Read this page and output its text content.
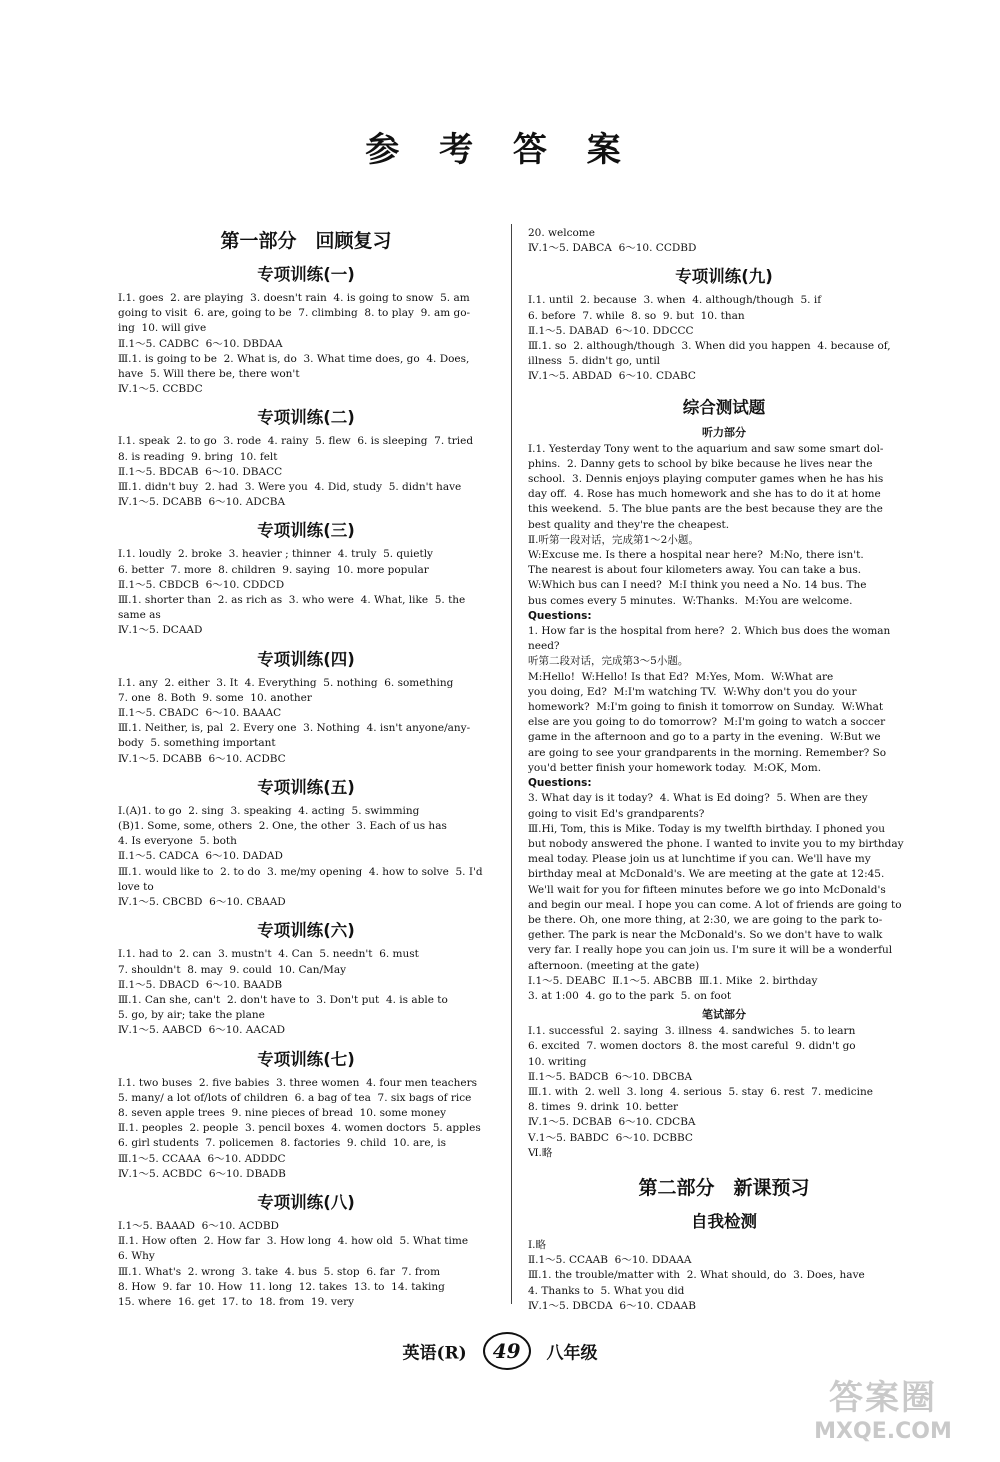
参 考 答 案
第一部分　回顾复习
专项训练(一)
Ⅰ.1. goes  2. are playing  3. doesn't rain  4. is going to snow  5. am
going to visit  6. are, going to be  7. climbing  8. to play  9. am go-
ing  10. will give
Ⅱ.1～5. CADBC  6～10. DBDAA
Ⅲ.1. is going to be  2. What is, do  3. What time does, go  4. Does,
have  5. Will there be, there won't
Ⅳ.1～5. CCBDC
专项训练(二)
Ⅰ.1. speak  2. to go  3. rode  4. rainy  5. flew  6. is sleeping  7. tried
8. is reading  9. bring  10. felt
Ⅱ.1～5. BDCAB  6～10. DBACC
Ⅲ.1. didn't buy  2. had  3. Were you  4. Did, study  5. didn't have
Ⅳ.1～5. DCABB  6～10. ADCBA
专项训练(三)
Ⅰ.1. loudly  2. broke  3. heavier ; thinner  4. truly  5. quietly
6. better  7. more  8. children  9. saying  10. more popular
Ⅱ.1～5. CBDCB  6～10. CDDCD
Ⅲ.1. shorter than  2. as rich as  3. who were  4. What, like  5. the
same as
Ⅳ.1～5. DCAAD
专项训练(四)
Ⅰ.1. any  2. either  3. It  4. Everything  5. nothing  6. something
7. one  8. Both  9. some  10. another
Ⅱ.1～5. CBADC  6～10. BAAAC
Ⅲ.1. Neither, is, pal  2. Every one  3. Nothing  4. isn't anyone/any-
body  5. something important
Ⅳ.1～5. DCABB  6～10. ACDBC
专项训练(五)
Ⅰ.(A)1. to go  2. sing  3. speaking  4. acting  5. swimming
(B)1. Some, some, others  2. One, the other  3. Each of us has
4. Is everyone  5. both
Ⅱ.1～5. CADCA  6～10. DADAD
Ⅲ.1. would like to  2. to do  3. me/my opening  4. how to solve  5. I'd
love to
Ⅳ.1～5. CBCBD  6～10. CBAAD
专项训练(六)
Ⅰ.1. had to  2. can  3. mustn't  4. Can  5. needn't  6. must
7. shouldn't  8. may  9. could  10. Can/May
Ⅱ.1～5. DBACD  6～10. BAADB
Ⅲ.1. Can she, can't  2. don't have to  3. Don't put  4. is able to
5. go, by air; take the plane
Ⅳ.1～5. AABCD  6～10. AACAD
专项训练(七)
Ⅰ.1. two buses  2. five babies  3. three women  4. four men teachers
5. many/ a lot of/lots of children  6. a bag of tea  7. six bags of rice
8. seven apple trees  9. nine pieces of bread  10. some money
Ⅱ.1. peoples  2. people  3. pencil boxes  4. women doctors  5. apples
6. girl students  7. policemen  8. factories  9. child  10. are, is
Ⅲ.1～5. CCAAA  6～10. ADDDC
Ⅳ.1～5. ACBDC  6～10. DBADB
专项训练(八)
Ⅰ.1～5. BAAAD  6～10. ACDBD
Ⅱ.1. How often  2. How far  3. How long  4. how old  5. What time
6. Why
Ⅲ.1. What's  2. wrong  3. take  4. bus  5. stop  6. far  7. from
8. How  9. far  10. How  11. long  12. takes  13. to  14. taking
15. where  16. get  17. to  18. from  19. very
20. welcome
Ⅳ.1～5. DABCA  6～10. CCDBD
专项训练(九)
Ⅰ.1. until  2. because  3. when  4. although/though  5. if
6. before  7. while  8. so  9. but  10. than
Ⅱ.1～5. DABAD  6～10. DDCCC
Ⅲ.1. so  2. although/though  3. When did you happen  4. because of,
illness  5. didn't go, until
Ⅳ.1～5. ABDAD  6～10. CDABC
综合测试题
听力部分
Ⅰ.1. Yesterday Tony went to the aquarium and saw some smart dol-
phins.  2. Danny gets to school by bike because he lives near the
school.  3. Dennis enjoys playing computer games when he has his
day off.  4. Rose has much homework and she has to do it at home
this weekend.  5. The blue pants are the best because they are the
best quality and they're the cheapest.
Ⅱ.听第一段对话，完成第1～2小题。
W:Excuse me. Is there a hospital near here?  M:No, there isn't.
The nearest is about four kilometers away. You can take a bus.
W:Which bus can I need?  M:I think you need a No. 14 bus. The
bus comes every 5 minutes.  W:Thanks.  M:You are welcome.
Questions:
1. How far is the hospital from here?  2. Which bus does the woman
need?
听第二段对话，完成第3～5小题。
M:Hello!  W:Hello! Is that Ed?  M:Yes, Mom.  W:What are
you doing, Ed?  M:I'm watching TV.  W:Why don't you do your
homework?  M:I'm going to finish it tomorrow on Sunday.  W:What
else are you going to do tomorrow?  M:I'm going to watch a soccer
game in the afternoon and go to a party in the evening.  W:But we
are going to see your grandparents in the morning. Remember? So
you'd better finish your homework today.  M:OK, Mom.
Questions:
3. What day is it today?  4. What is Ed doing?  5. When are they
going to visit Ed's grandparents?
Ⅲ.Hi, Tom, this is Mike. Today is my twelfth birthday. I phoned you
but nobody answered the phone. I wanted to invite you to my birthday
meal today. Please join us at lunchtime if you can. We'll have my
birthday meal at McDonald's. We are meeting at the gate at 12:45.
We'll wait for you for fifteen minutes before we go into McDonald's
and begin our meal. I hope you can come. A lot of friends are going to
be there. Oh, one more thing, at 2:30, we are going to the park to-
gether. The park is near the McDonald's. So we don't have to walk
very far. I really hope you can join us. I'm sure it will be a wonderful
afternoon. (meeting at the gate)
Ⅰ.1～5. DEABC  Ⅱ.1～5. ABCBB  Ⅲ.1. Mike  2. birthday
3. at 1:00  4. go to the park  5. on foot
笔试部分
Ⅰ.1. successful  2. saying  3. illness  4. sandwiches  5. to learn
6. excited  7. women doctors  8. the most careful  9. didn't go
10. writing
Ⅱ.1～5. BADCB  6～10. DBCBA
Ⅲ.1. with  2. well  3. long  4. serious  5. stay  6. rest  7. medicine
8. times  9. drink  10. better
Ⅳ.1～5. DCBAB  6～10. CDCBA
Ⅴ.1～5. BABDC  6～10. DCBBC
Ⅵ.略
第二部分　新课预习
自我检测
Ⅰ.略
Ⅱ.1～5. CCAAB  6～10. DDAAA
Ⅲ.1. the trouble/matter with  2. What should, do  3. Does, have
4. Thanks to  5. What you did
Ⅳ.1～5. DBCDA  6～10. CDAAB
英语(R) 49 八年级
答案圈
MXQE.COM
